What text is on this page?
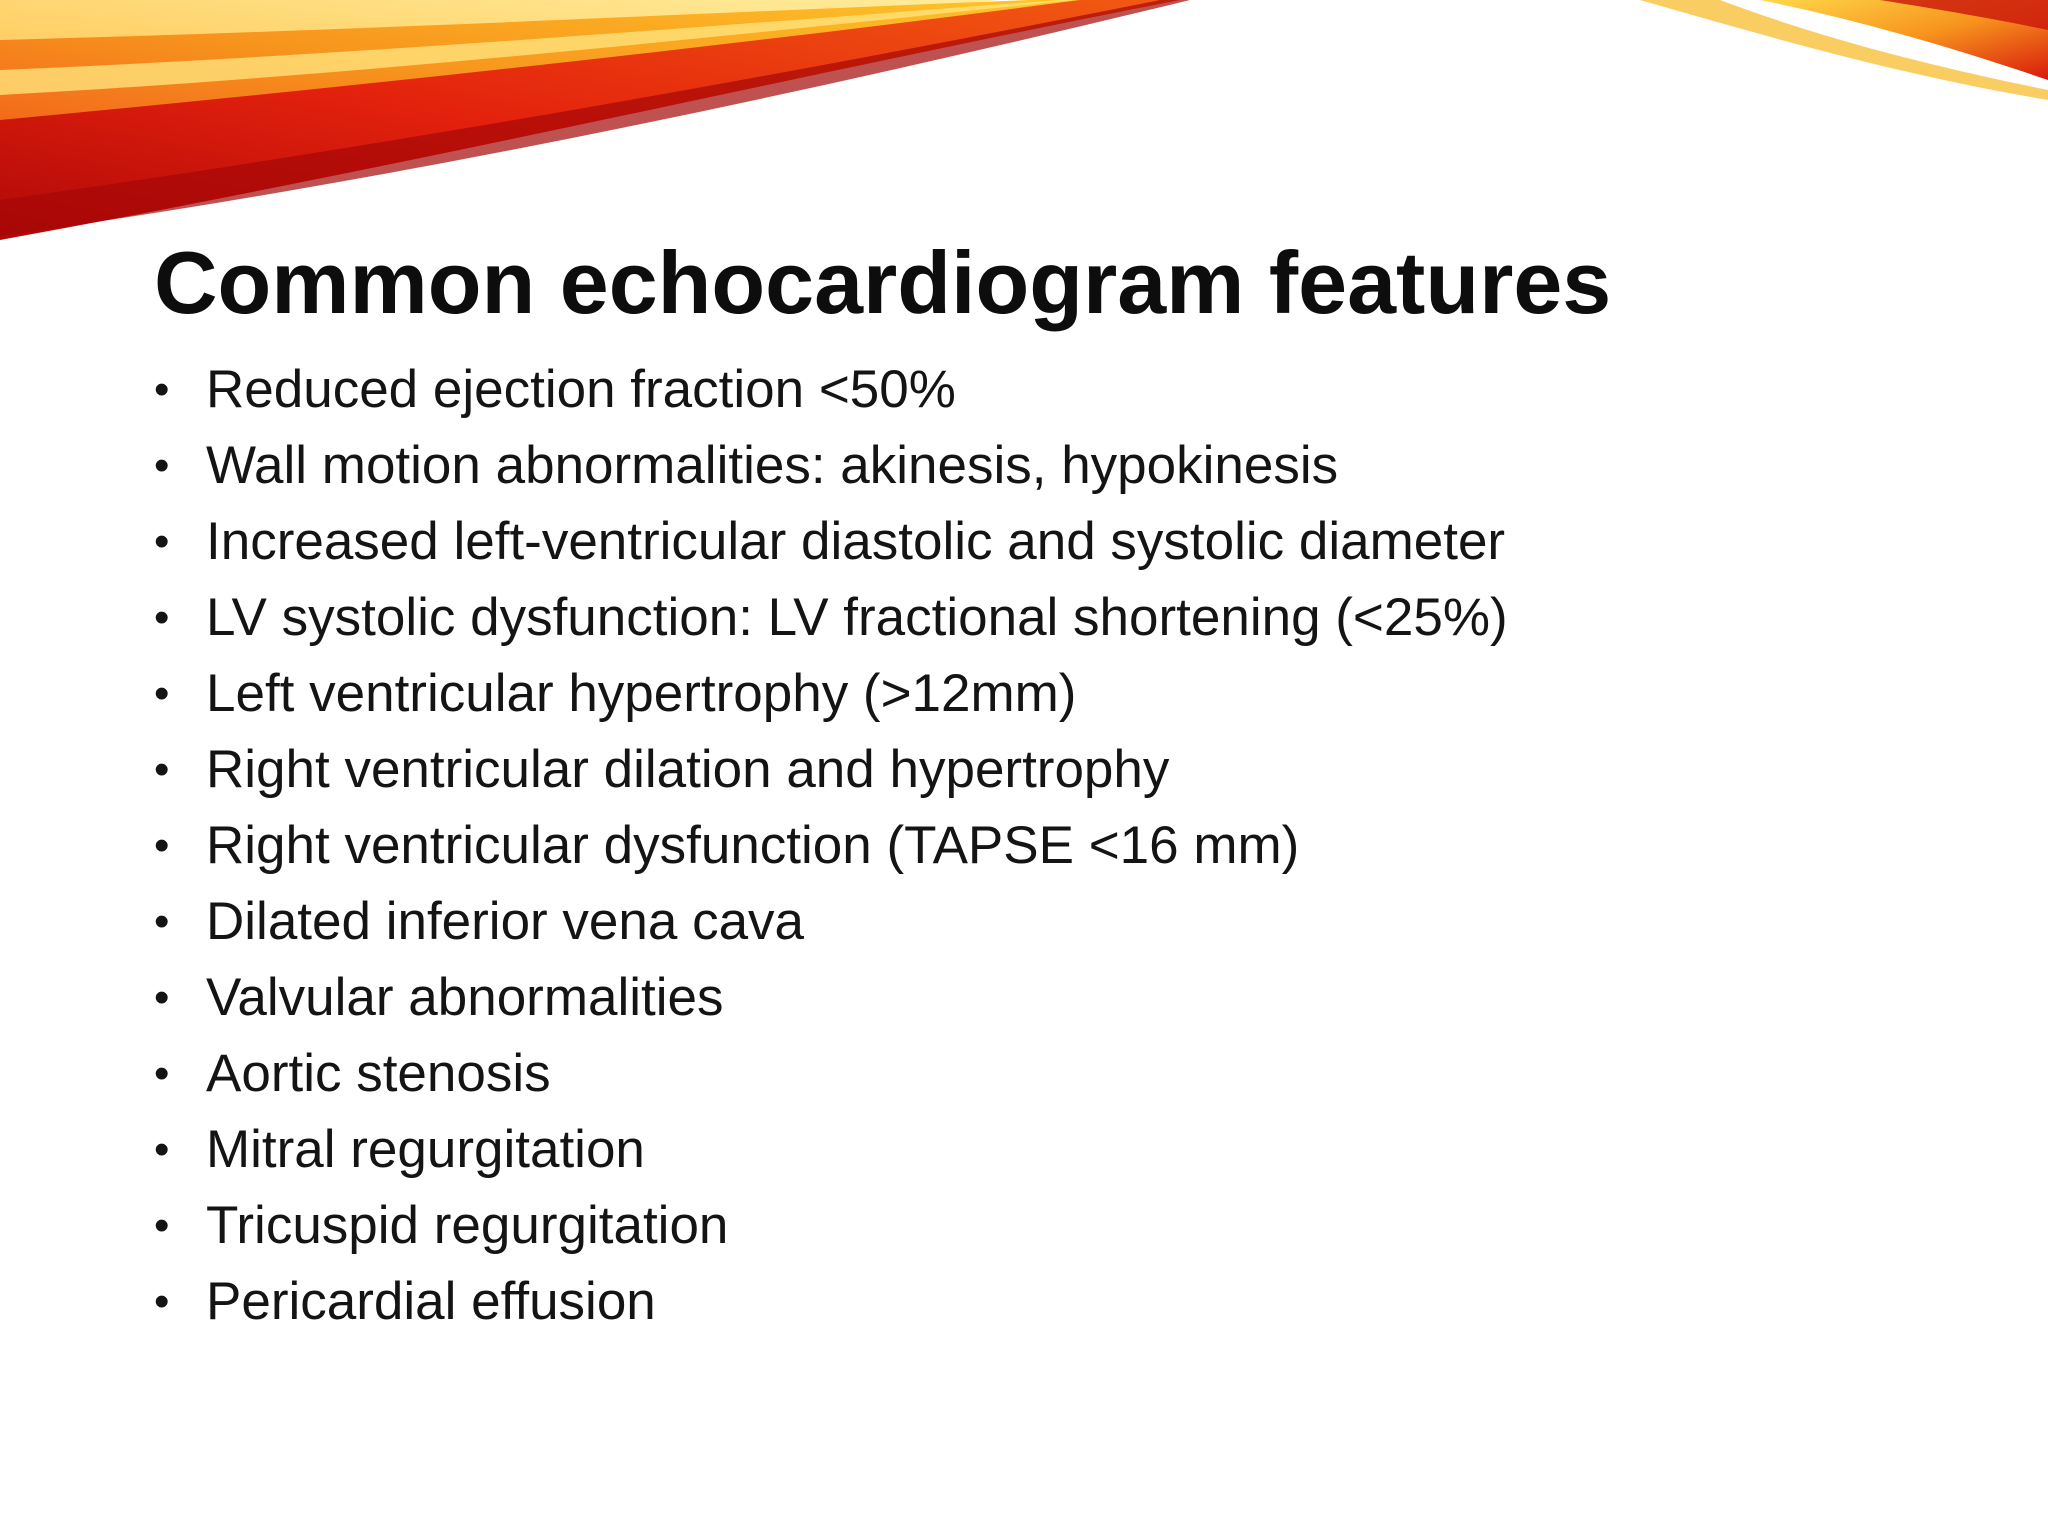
Common echocardiogram features
• Reduced ejection fraction <50%
• Wall motion abnormalities: akinesis, hypokinesis
• Increased left-ventricular diastolic and systolic diameter
• LV systolic dysfunction: LV fractional shortening (<25%)
• Left ventricular hypertrophy (>12mm)
• Right ventricular dilation and hypertrophy
• Right ventricular dysfunction (TAPSE <16 mm)
• Dilated inferior vena cava
• Valvular abnormalities
• Aortic stenosis
• Mitral regurgitation
• Tricuspid regurgitation
• Pericardial effusion
